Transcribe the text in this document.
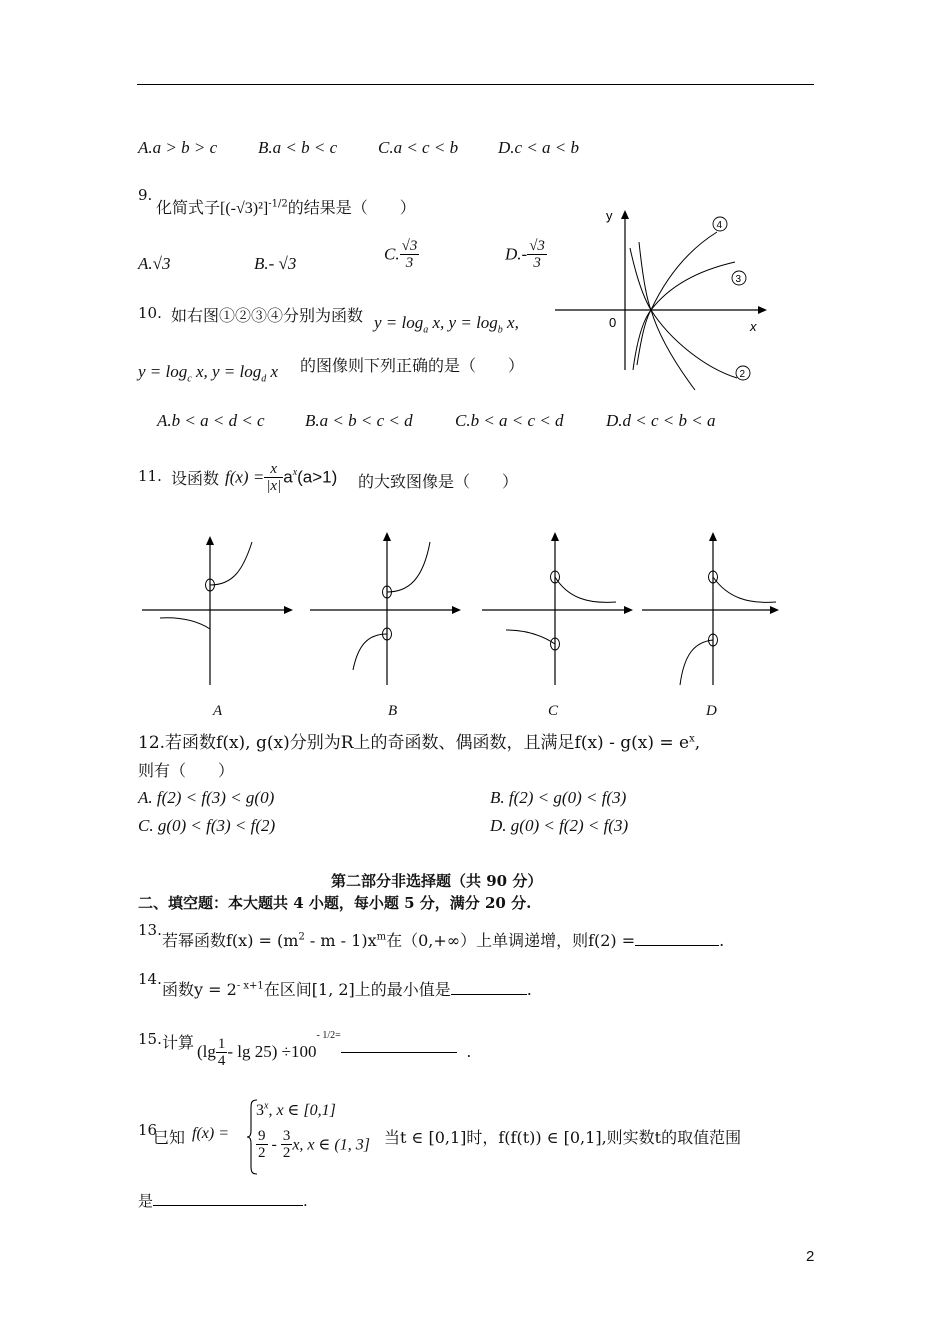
A.a > b > c B.a < b < c C.a < c < b D.c < a < b
9.
化简式子$[(-√3)^2]^{-1/2}$的结果是（　　）
A.√3	B.- √3	C. $\frac{√3}{3}$	$D.- \frac{√3}{3}$
y
x
0
4
3
2
10. 如右图①②③④分别为函数 $y = \log_a x$, $y = \log_b x$,
$y = \log_c x$, $y = \log_d x$ 的图像则下列正确的是（　　）
A.b < a < d < c B.a < b < c < d C.b < a < c < d D.d < c < b < a
11. 设函数 $f(x) = \frac{x}{|x|} a^x(a>1)$ 的大致图像是（　　）
A	B	C	D
12.若函数f(x), g(x)分别为R上的奇函数、偶函数，且满足$f(x) - g(x) = e^x$,
则有（　　）
A. f(2) < f(3) < g(0)	B. f(2) < g(0) < f(3)
C. g(0) < f(3) < f(2)	D. g(0) < f(2) < f(3)
第二部分非选择题（共 90 分）
二、填空题：本大题共 4 小题，每小题 5 分，满分 20 分.
13.
若幂函数$f(x) = (m^2 - m - 1)x^m$在（0,+∞）上单调递增，则f(2) =	.
14.
函数$y = 2^{- x+1}$在区间[1, 2]上的最小值是	.
15. 计算 $(\lg \frac{1}{4} - \lg 25) \div 100^{- 1/2=}$.
16
已知 f(x) =
$3^x$, x ∈ [0,1]
$\frac{9}{2} - \frac{3}{2} x$, x ∈ (1, 3] 当t ∈ [0,1]时，f(f(t)) ∈ [0,1],则实数t的取值范围
是	.
2
